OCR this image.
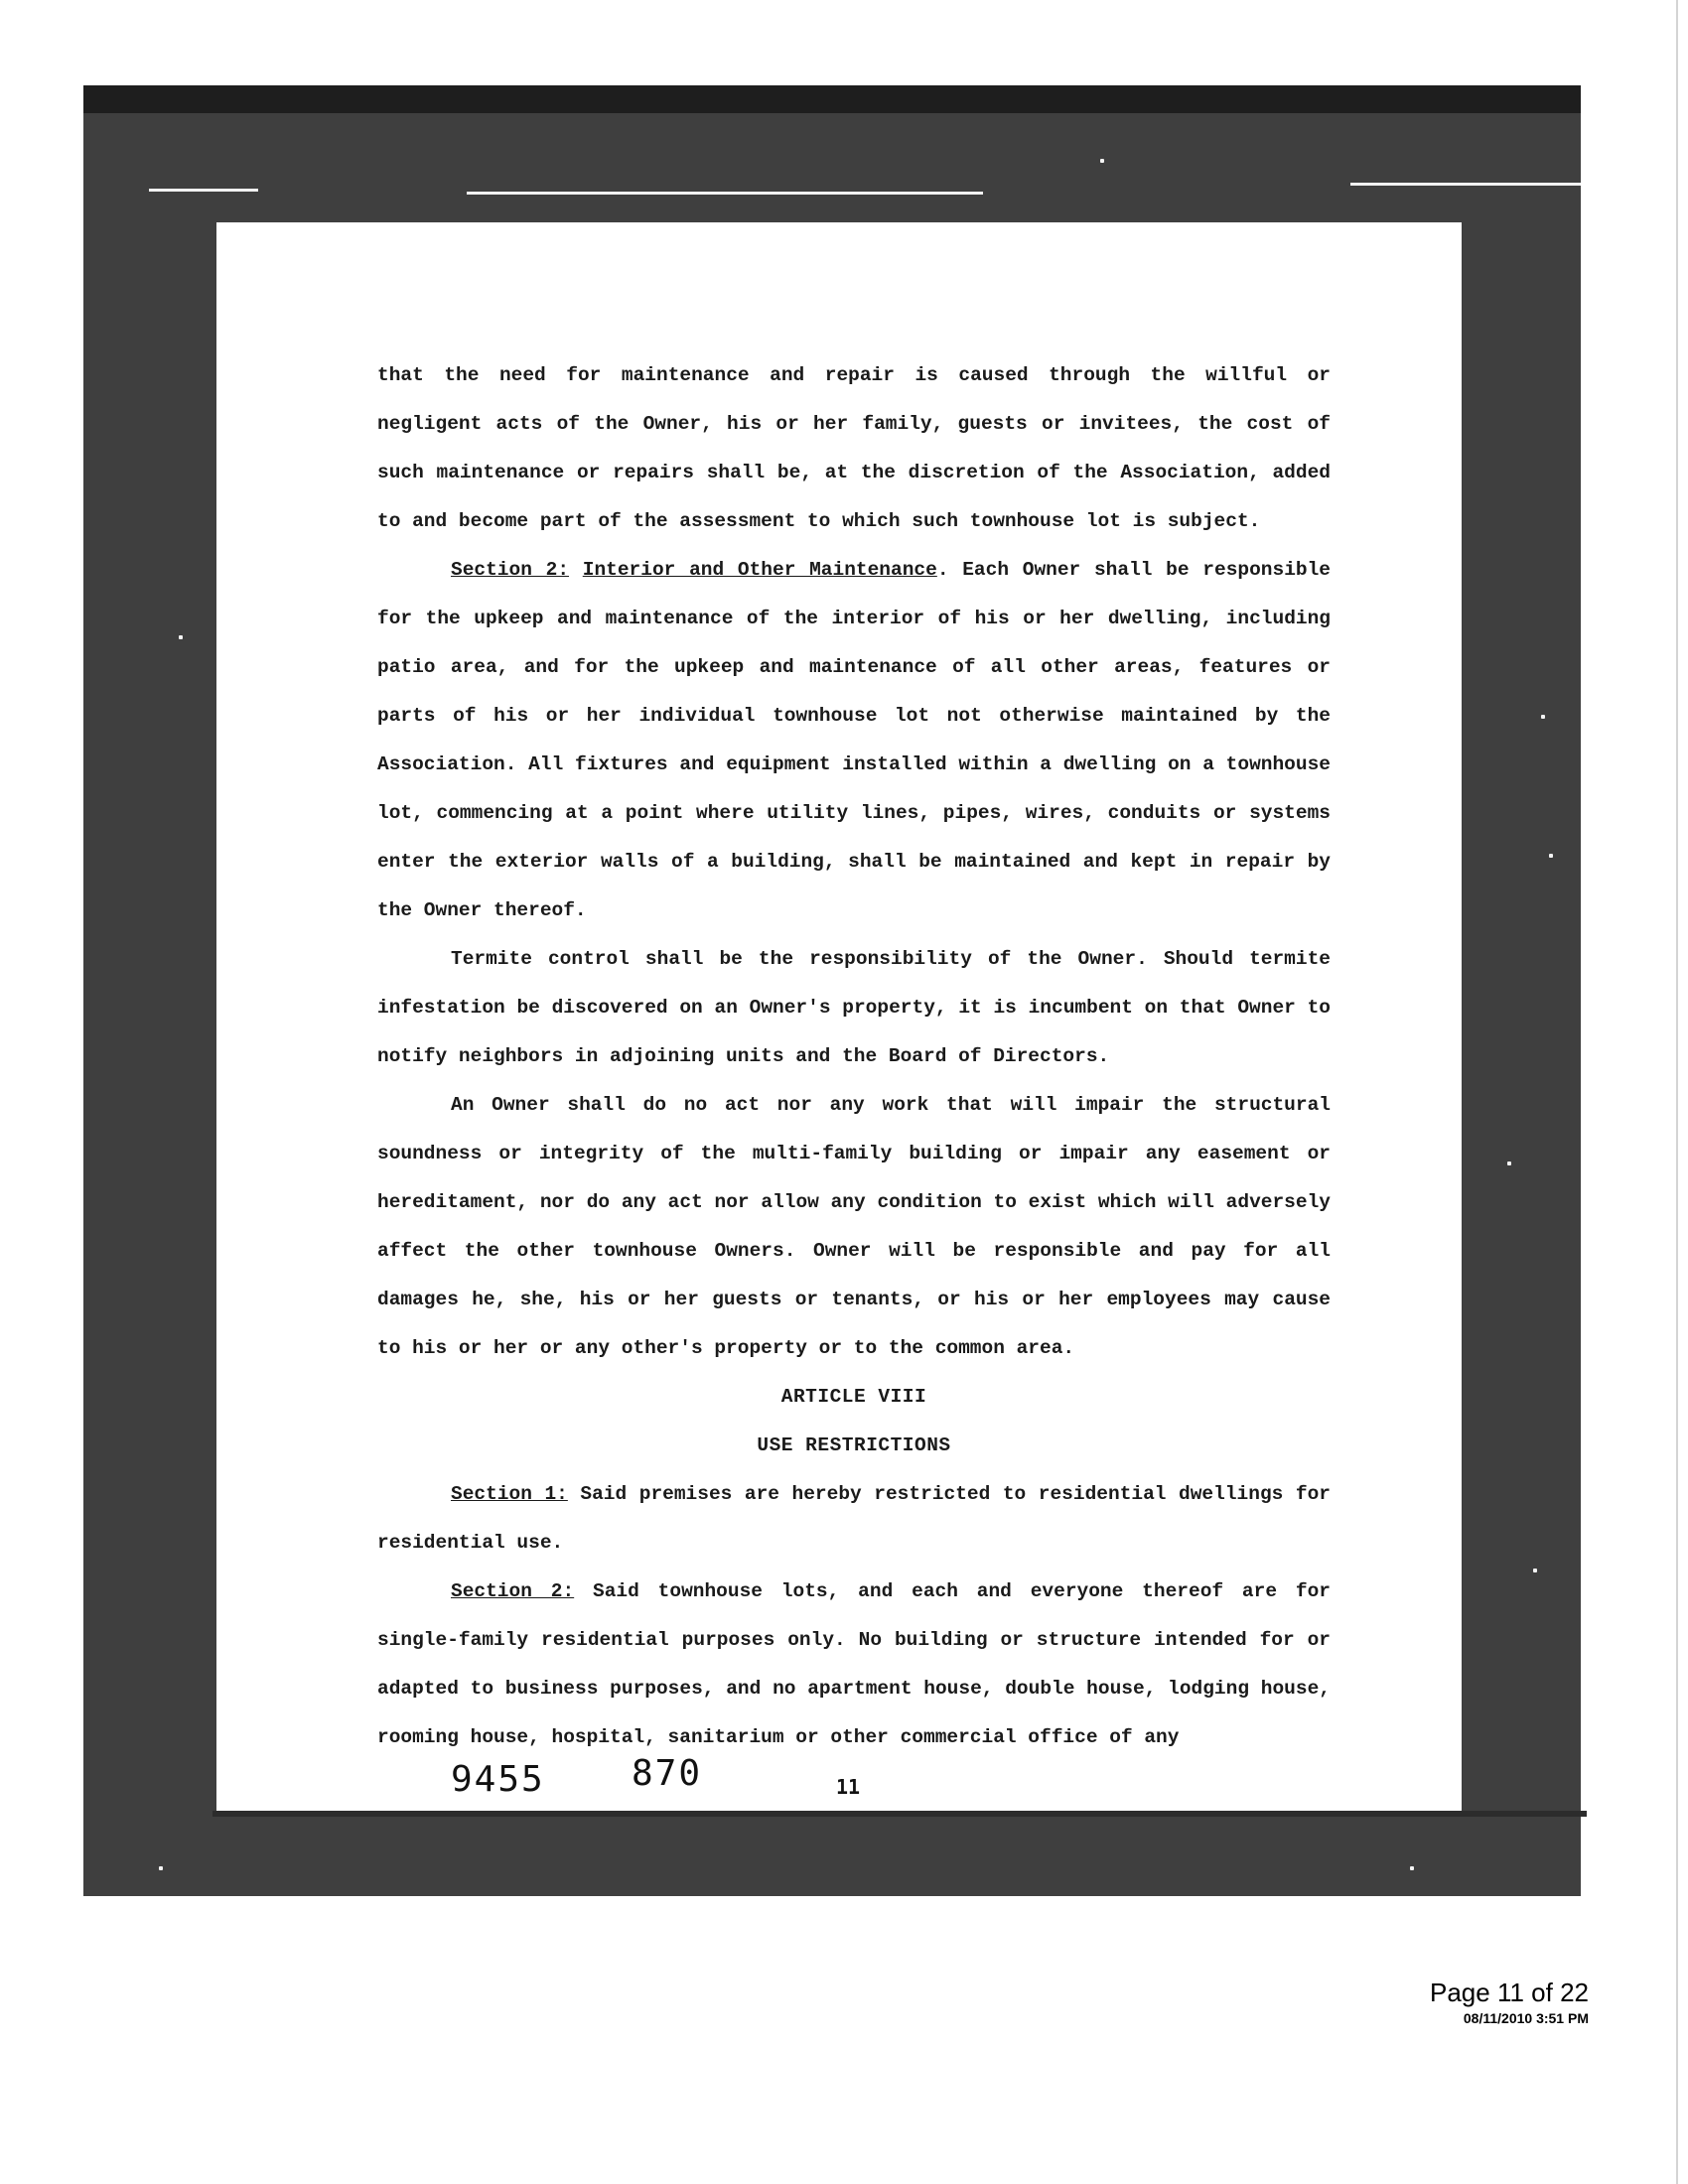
that the need for maintenance and repair is caused through the willful or negligent acts of the Owner, his or her family, guests or invitees, the cost of such maintenance or repairs shall be, at the discretion of the Association, added to and become part of the assessment to which such townhouse lot is subject.

Section 2: Interior and Other Maintenance. Each Owner shall be responsible for the upkeep and maintenance of the interior of his or her dwelling, including patio area, and for the upkeep and maintenance of all other areas, features or parts of his or her individual townhouse lot not otherwise maintained by the Association. All fixtures and equipment installed within a dwelling on a townhouse lot, commencing at a point where utility lines, pipes, wires, conduits or systems enter the exterior walls of a building, shall be maintained and kept in repair by the Owner thereof.

Termite control shall be the responsibility of the Owner. Should termite infestation be discovered on an Owner's property, it is incumbent on that Owner to notify neighbors in adjoining units and the Board of Directors.

An Owner shall do no act nor any work that will impair the structural soundness or integrity of the multi-family building or impair any easement or hereditament, nor do any act nor allow any condition to exist which will adversely affect the other townhouse Owners. Owner will be responsible and pay for all damages he, she, his or her guests or tenants, or his or her employees may cause to his or her or any other's property or to the common area.

ARTICLE VIII

USE RESTRICTIONS

Section 1: Said premises are hereby restricted to residential dwellings for residential use.

Section 2: Said townhouse lots, and each and everyone thereof are for single-family residential purposes only. No building or structure intended for or adapted to business purposes, and no apartment house, double house, lodging house, rooming house, hospital, sanitarium or other commercial office of any

9455 870	11
Page 11 of 22
08/11/2010 3:51 PM
